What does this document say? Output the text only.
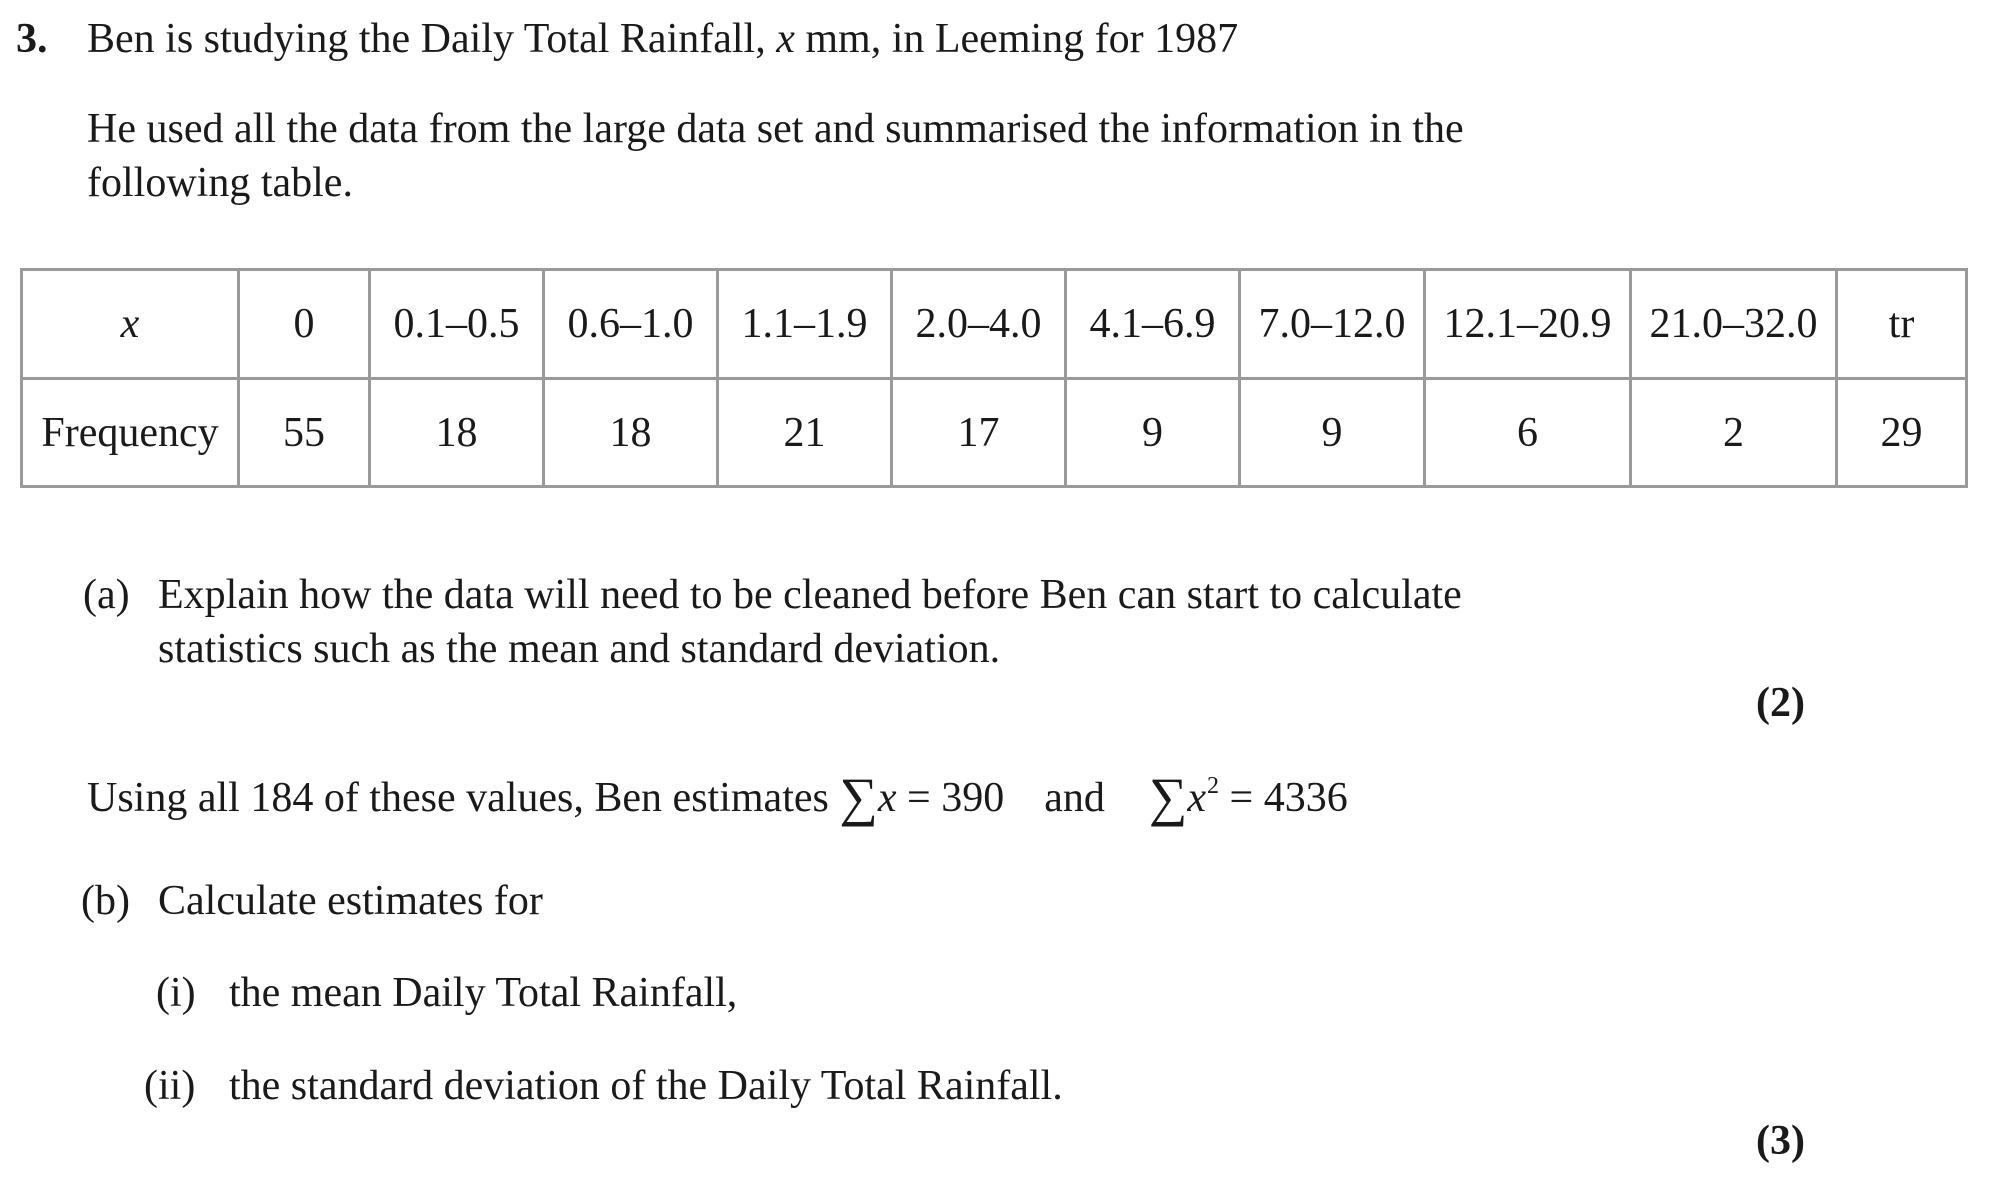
3. Ben is studying the Daily Total Rainfall, x mm, in Leeming for 1987
He used all the data from the large data set and summarised the information in the
following table.
x	0	0.1–0.5	0.6–1.0	1.1–1.9	2.0–4.0	4.1–6.9	7.0–12.0	12.1–20.9	21.0–32.0	tr
Frequency	55	18	18	21	17	9	9	6	2	29
(a) Explain how the data will need to be cleaned before Ben can start to calculate
statistics such as the mean and standard deviation.
(2)
Using all 184 of these values, Ben estimates ∑x = 390 and $\sum x^2 = 4336$
(b) Calculate estimates for
(i) the mean Daily Total Rainfall,
(ii) the standard deviation of the Daily Total Rainfall.
(3)
